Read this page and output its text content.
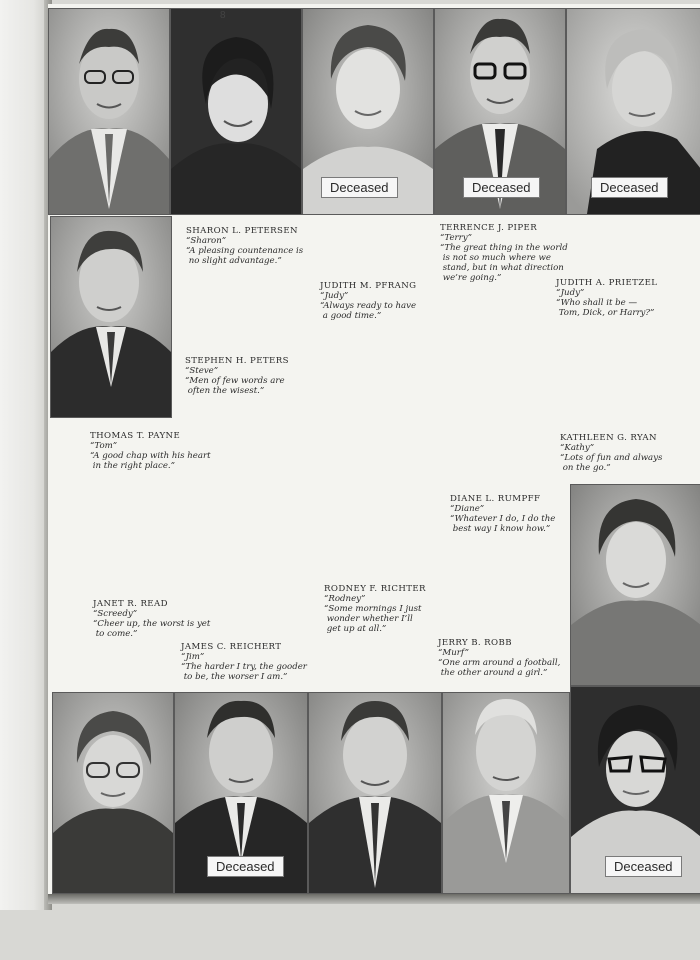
Deceased	Deceased	Deceased
Deceased	Deceased
8
SHARON L. PETERSEN
“Sharon”
“A pleasing countenance is
no slight advantage.”
TERRENCE J. PIPER
“Terry”
“The great thing in the world
is not so much where we
stand, but in what direction
we’re going.”
JUDITH M. PFRANG
“Judy”
“Always ready to have
a good time.”
JUDITH A. PRIETZEL
“Judy”
“Who shall it be —
Tom, Dick, or Harry?”
STEPHEN H. PETERS
“Steve”
“Men of few words are
often the wisest.”
THOMAS T. PAYNE
“Tom”
“A good chap with his heart
in the right place.”
KATHLEEN G. RYAN
“Kathy”
“Lots of fun and always
on the go.”
DIANE L. RUMPFF
“Diane”
“Whatever I do, I do the
best way I know how.”
RODNEY F. RICHTER
“Rodney”
“Some mornings I just
wonder whether I’ll
get up at all.”
JANET R. READ
“Screedy”
“Cheer up, the worst is yet
to come.”
JAMES C. REICHERT
“Jim”
“The harder I try, the gooder
to be, the worser I am.”
JERRY B. ROBB
“Murf”
“One arm around a football,
the other around a girl.”
